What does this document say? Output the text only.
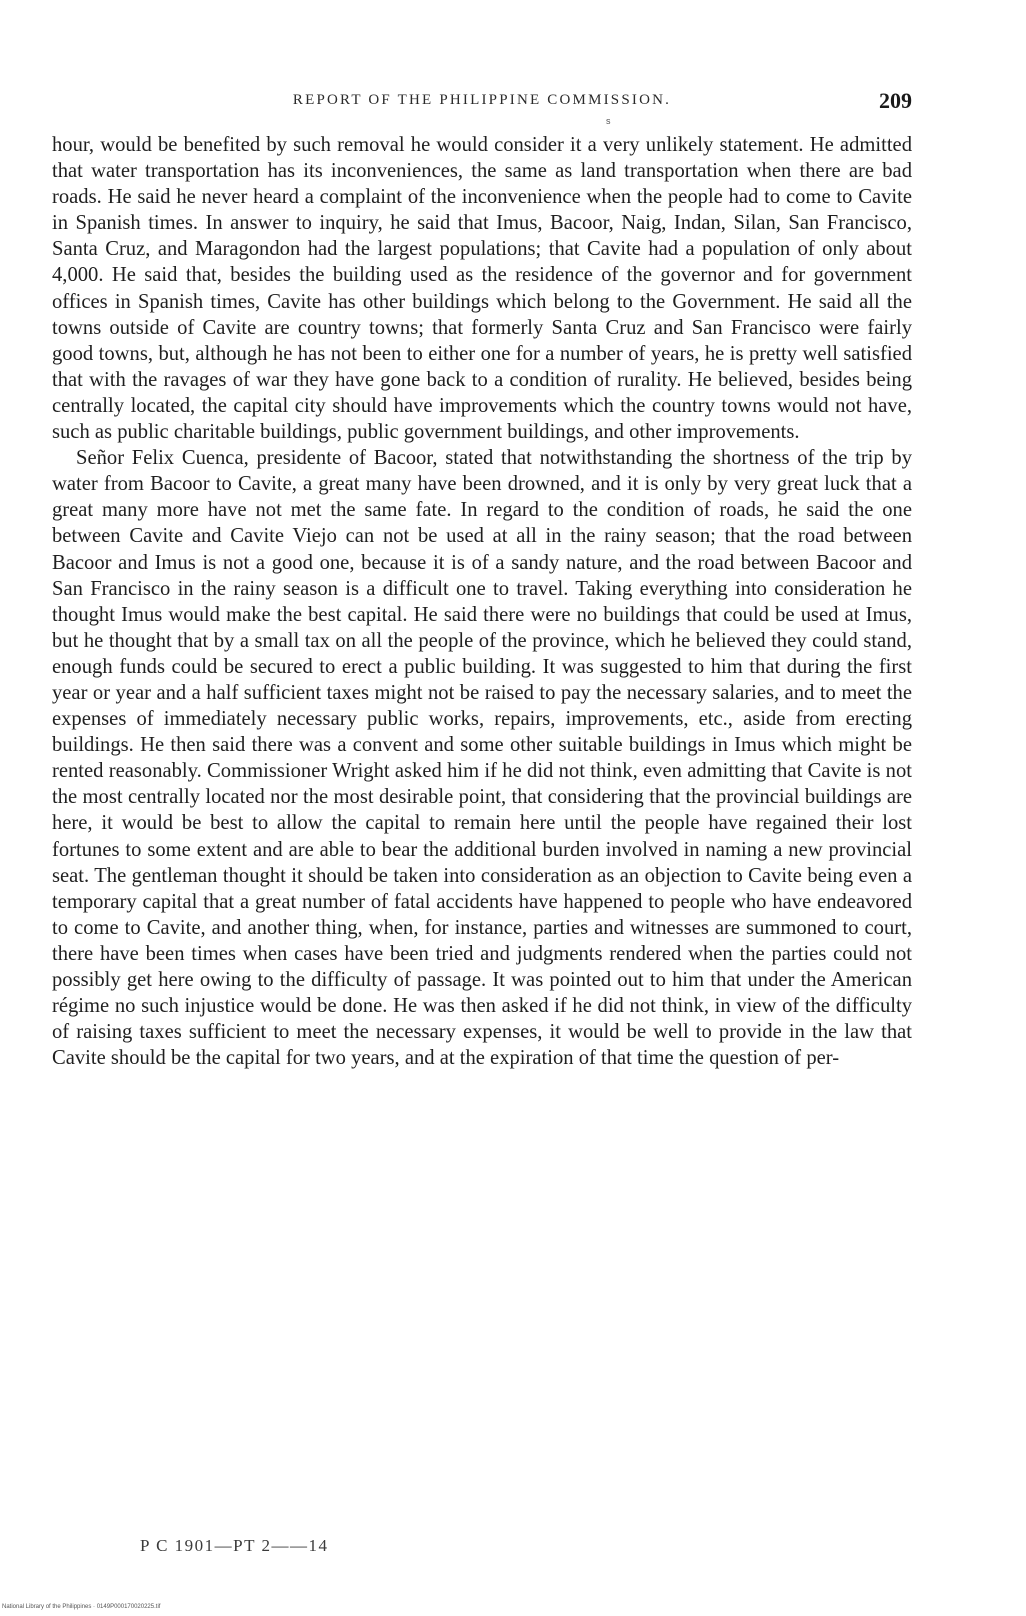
REPORT OF THE PHILIPPINE COMMISSION.	209
s

hour, would be benefited by such removal he would consider it a very unlikely statement. He admitted that water transportation has its inconveniences, the same as land transportation when there are bad roads. He said he never heard a complaint of the inconvenience when the people had to come to Cavite in Spanish times. In answer to inquiry, he said that Imus, Bacoor, Naig, Indan, Silan, San Francisco, Santa Cruz, and Maragondon had the largest populations; that Cavite had a population of only about 4,000. He said that, besides the building used as the residence of the governor and for government offices in Spanish times, Cavite has other buildings which belong to the Government. He said all the towns outside of Cavite are country towns; that formerly Santa Cruz and San Francisco were fairly good towns, but, although he has not been to either one for a number of years, he is pretty well satisfied that with the ravages of war they have gone back to a condition of rurality. He believed, besides being centrally located, the capital city should have improvements which the country towns would not have, such as public charitable buildings, public government buildings, and other improvements.

Señor Felix Cuenca, presidente of Bacoor, stated that notwithstanding the shortness of the trip by water from Bacoor to Cavite, a great many have been drowned, and it is only by very great luck that a great many more have not met the same fate. In regard to the condition of roads, he said the one between Cavite and Cavite Viejo can not be used at all in the rainy season; that the road between Bacoor and Imus is not a good one, because it is of a sandy nature, and the road between Bacoor and San Francisco in the rainy season is a difficult one to travel. Taking everything into consideration he thought Imus would make the best capital. He said there were no buildings that could be used at Imus, but he thought that by a small tax on all the people of the province, which he believed they could stand, enough funds could be secured to erect a public building. It was suggested to him that during the first year or year and a half sufficient taxes might not be raised to pay the necessary salaries, and to meet the expenses of immediately necessary public works, repairs, improvements, etc., aside from erecting buildings. He then said there was a convent and some other suitable buildings in Imus which might be rented reasonably. Commissioner Wright asked him if he did not think, even admitting that Cavite is not the most centrally located nor the most desirable point, that considering that the provincial buildings are here, it would be best to allow the capital to remain here until the people have regained their lost fortunes to some extent and are able to bear the additional burden involved in naming a new provincial seat. The gentleman thought it should be taken into consideration as an objection to Cavite being even a temporary capital that a great number of fatal accidents have happened to people who have endeavored to come to Cavite, and another thing, when, for instance, parties and witnesses are summoned to court, there have been times when cases have been tried and judgments rendered when the parties could not possibly get here owing to the difficulty of passage. It was pointed out to him that under the American régime no such injustice would be done. He was then asked if he did not think, in view of the difficulty of raising taxes sufficient to meet the necessary expenses, it would be well to provide in the law that Cavite should be the capital for two years, and at the expiration of that time the question of per-

P C 1901—PT 2——14
National Library of the Philippines · 0149P000170020225.tif
